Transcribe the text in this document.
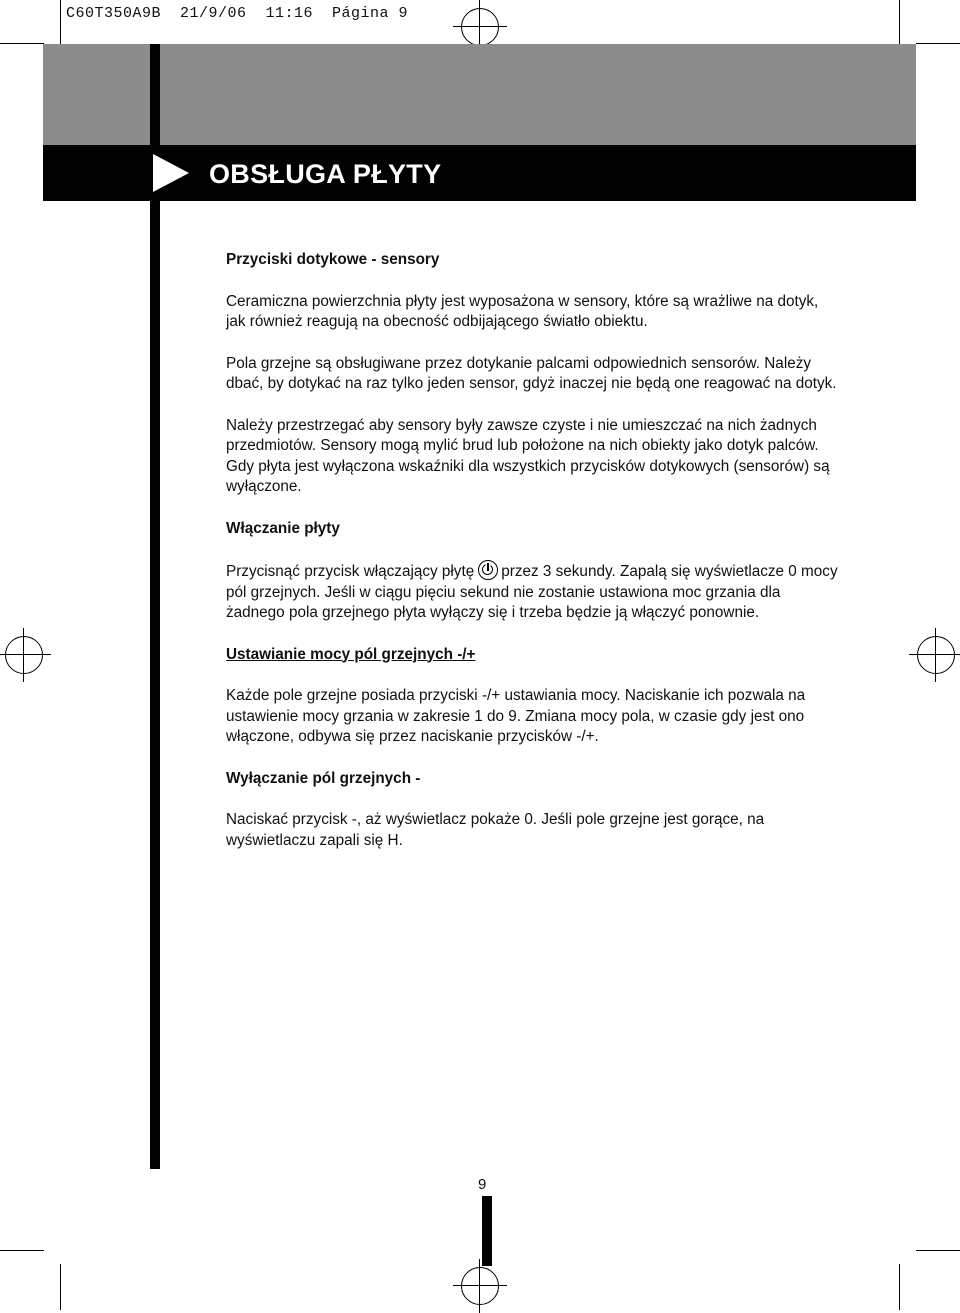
C60T350A9B  21/9/06  11:16  Página 9
OBSŁUGA PŁYTY
Przyciski dotykowe - sensory

Ceramiczna powierzchnia płyty jest wyposażona w sensory, które są wrażliwe na dotyk, jak również reagują na obecność odbijającego światło obiektu.

Pola grzejne są obsługiwane przez dotykanie palcami odpowiednich sensorów. Należy dbać, by dotykać na raz tylko jeden sensor, gdyż inaczej nie będą one reagować na dotyk.

Należy przestrzegać aby sensory były zawsze czyste i nie umieszczać na nich żadnych przedmiotów. Sensory mogą mylić brud lub położone na nich obiekty jako dotyk palców.

Gdy płyta jest wyłączona wskaźniki dla wszystkich przycisków dotykowych (sensorów) są wyłączone.

Włączanie płyty

Przycisnąć przycisk włączający płytę przez 3 sekundy. Zapalą się wyświetlacze 0 mocy pól grzejnych. Jeśli w ciągu pięciu sekund nie zostanie ustawiona moc grzania dla żadnego pola grzejnego płyta wyłączy się i trzeba będzie ją włączyć ponownie.

Ustawianie mocy pól grzejnych -/+

Każde pole grzejne posiada przyciski -/+ ustawiania mocy. Naciskanie ich pozwala na ustawienie mocy grzania w zakresie 1 do 9. Zmiana mocy pola, w czasie gdy jest ono włączone, odbywa się przez naciskanie przycisków -/+.

Wyłączanie pól grzejnych -

Naciskać przycisk -, aż wyświetlacz pokaże 0. Jeśli pole grzejne jest gorące, na wyświetlaczu zapali się H.

9
